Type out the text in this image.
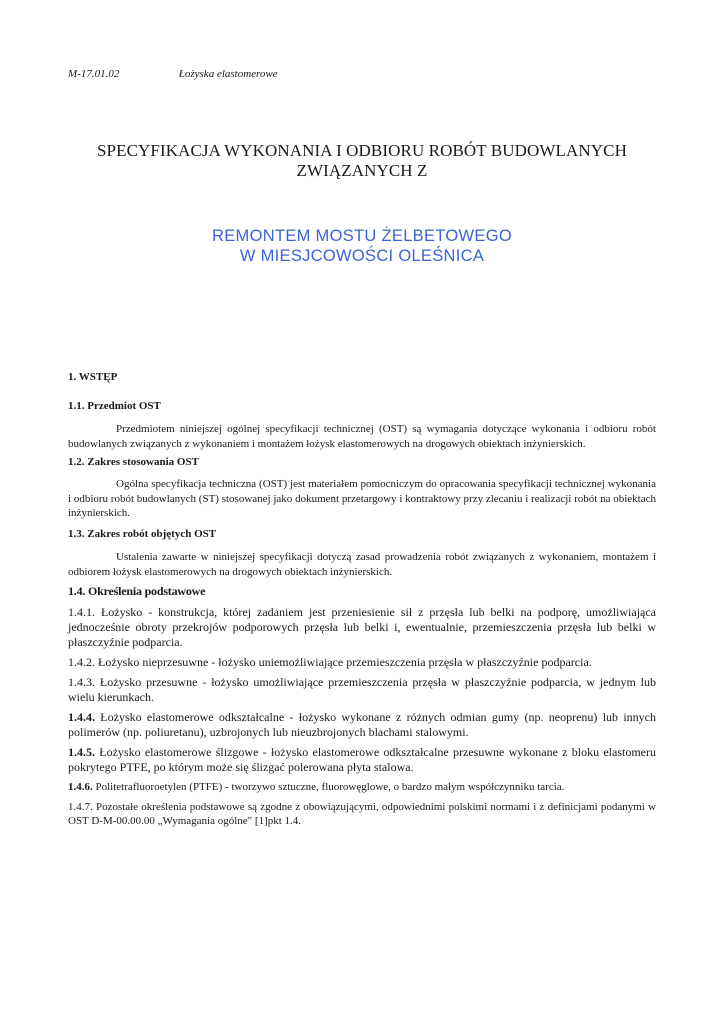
M-17.01.02	Łożyska elastomerowe
SPECYFIKACJA WYKONANIA I ODBIORU ROBÓT BUDOWLANYCH
ZWIĄZANYCH Z
REMONTEM MOSTU ŻELBETOWEGO
W MIESJCOWOŚCI OLEŚNICA

1. WSTĘP

1.1. Przedmiot OST

Przedmiotem niniejszej ogólnej specyfikacji technicznej (OST) są wymagania dotyczące wykonania i odbioru robót budowlanych związanych z wykonaniem i montażem łożysk elastomerowych na drogowych obiektach inżynierskich.

1.2. Zakres stosowania OST

Ogólna specyfikacja techniczna (OST) jest materiałem pomocniczym do opracowania specyfikacji technicznej wykonania i odbioru robót budowlanych (ST) stosowanej jako dokument przetargowy i kontraktowy przy zlecaniu i realizacji robót na obiektach inżynierskich.

1.3. Zakres robót objętych OST

Ustalenia zawarte w niniejszej specyfikacji dotyczą zasad prowadzenia robót związanych z wykonaniem, montażem i odbiorem łożysk elastomerowych na drogowych obiektach inżynierskich.

1.4. Określenia podstawowe

1.4.1. Łożysko - konstrukcja, której zadaniem jest przeniesienie sił z przęsła lub belki na podporę, umożliwiająca jednocześnie obroty przekrojów podporowych przęsła lub belki i, ewentualnie, przemieszczenia przęsła lub belki w płaszczyźnie podparcia.

1.4.2. Łożysko nieprzesuwne - łożysko uniemożliwiające przemieszczenia przęsła w płaszczyźnie podparcia.

1.4.3. Łożysko przesuwne - łożysko umożliwiające przemieszczenia przęsła w płaszczyźnie podparcia, w jednym lub wielu kierunkach.

1.4.4. Łożysko elastomerowe odkształcalne - łożysko wykonane z różnych odmian gumy (np. neoprenu) lub innych polimerów (np. poliuretanu), uzbrojonych lub nieuzbrojonych blachami stalowymi.

1.4.5. Łożysko elastomerowe ślizgowe - łożysko elastomerowe odkształcalne przesuwne wykonane z bloku elastomeru pokrytego PTFE, po którym może się ślizgać polerowana płyta stalowa.

1.4.6. Politetrafluoroetylen (PTFE) - tworzywo sztuczne, fluorowęglowe, o bardzo małym współczynniku tarcia.

1.4.7. Pozostałe określenia podstawowe są zgodne z obowiązującymi, odpowiednimi polskimi normami i z definicjami podanymi w OST D-M-00.00.00 „Wymagania ogólne" [1]pkt 1.4.
